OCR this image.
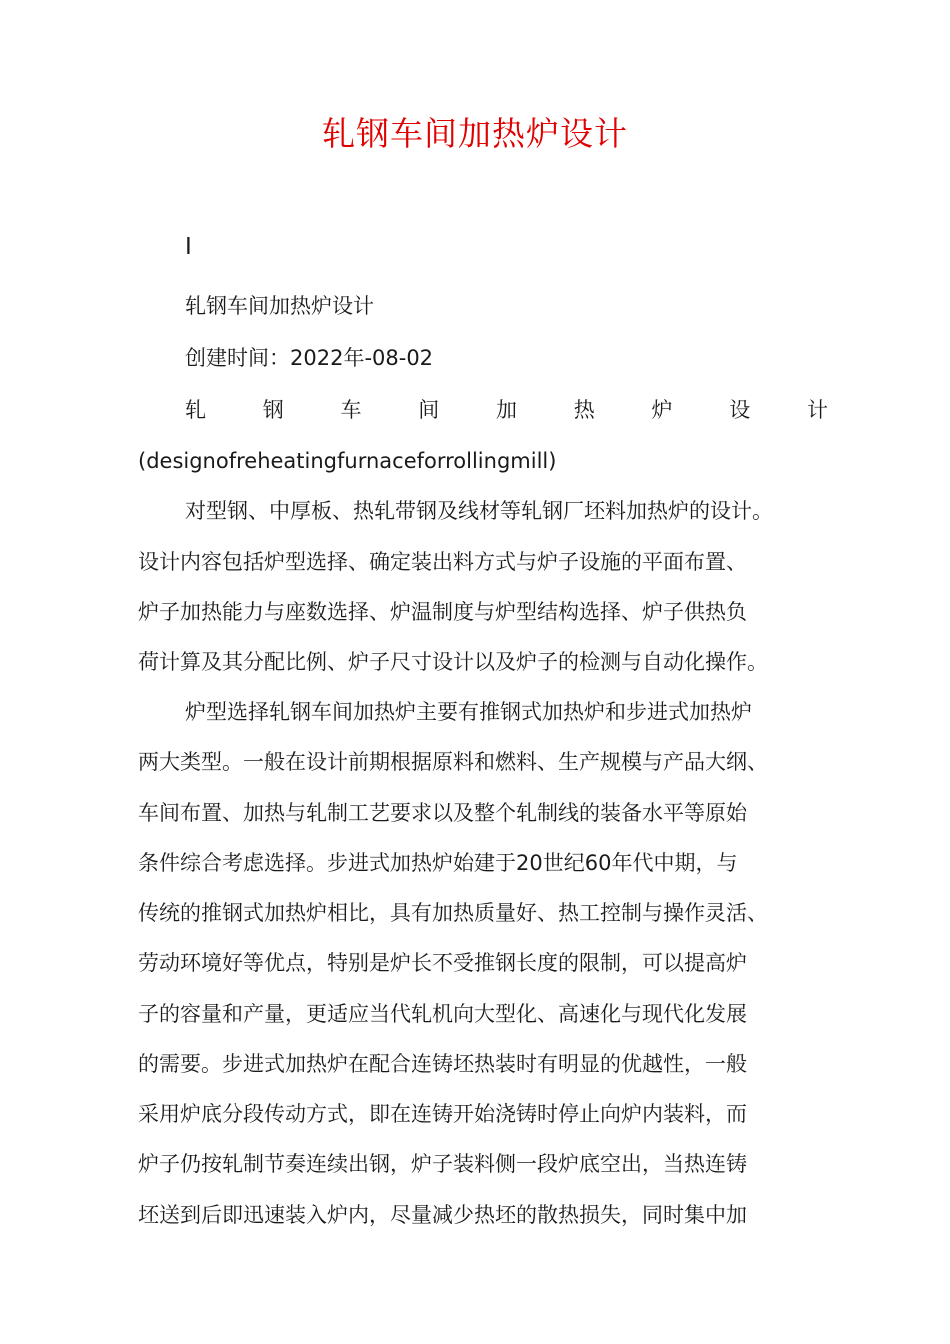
轧钢车间加热炉设计
I
轧钢车间加热炉设计
创建时间：2022年-08-02
轧	钢	车	间	加	热	炉	设	计
(designofreheatingfurnaceforrollingmill)
对型钢、中厚板、热轧带钢及线材等轧钢厂坯料加热炉的设计。
设计内容包括炉型选择、确定装出料方式与炉子设施的平面布置、
炉子加热能力与座数选择、炉温制度与炉型结构选择、炉子供热负
荷计算及其分配比例、炉子尺寸设计以及炉子的检测与自动化操作。
炉型选择轧钢车间加热炉主要有推钢式加热炉和步进式加热炉
两大类型。一般在设计前期根据原料和燃料、生产规模与产品大纲、
车间布置、加热与轧制工艺要求以及整个轧制线的装备水平等原始
条件综合考虑选择。步进式加热炉始建于20世纪60年代中期，与
传统的推钢式加热炉相比，具有加热质量好、热工控制与操作灵活、
劳动环境好等优点，特别是炉长不受推钢长度的限制，可以提高炉
子的容量和产量，更适应当代轧机向大型化、高速化与现代化发展
的需要。步进式加热炉在配合连铸坯热装时有明显的优越性，一般
采用炉底分段传动方式，即在连铸开始浇铸时停止向炉内装料，而
炉子仍按轧制节奏连续出钢，炉子装料侧一段炉底空出，当热连铸
坯送到后即迅速装入炉内，尽量减少热坯的散热损失，同时集中加
